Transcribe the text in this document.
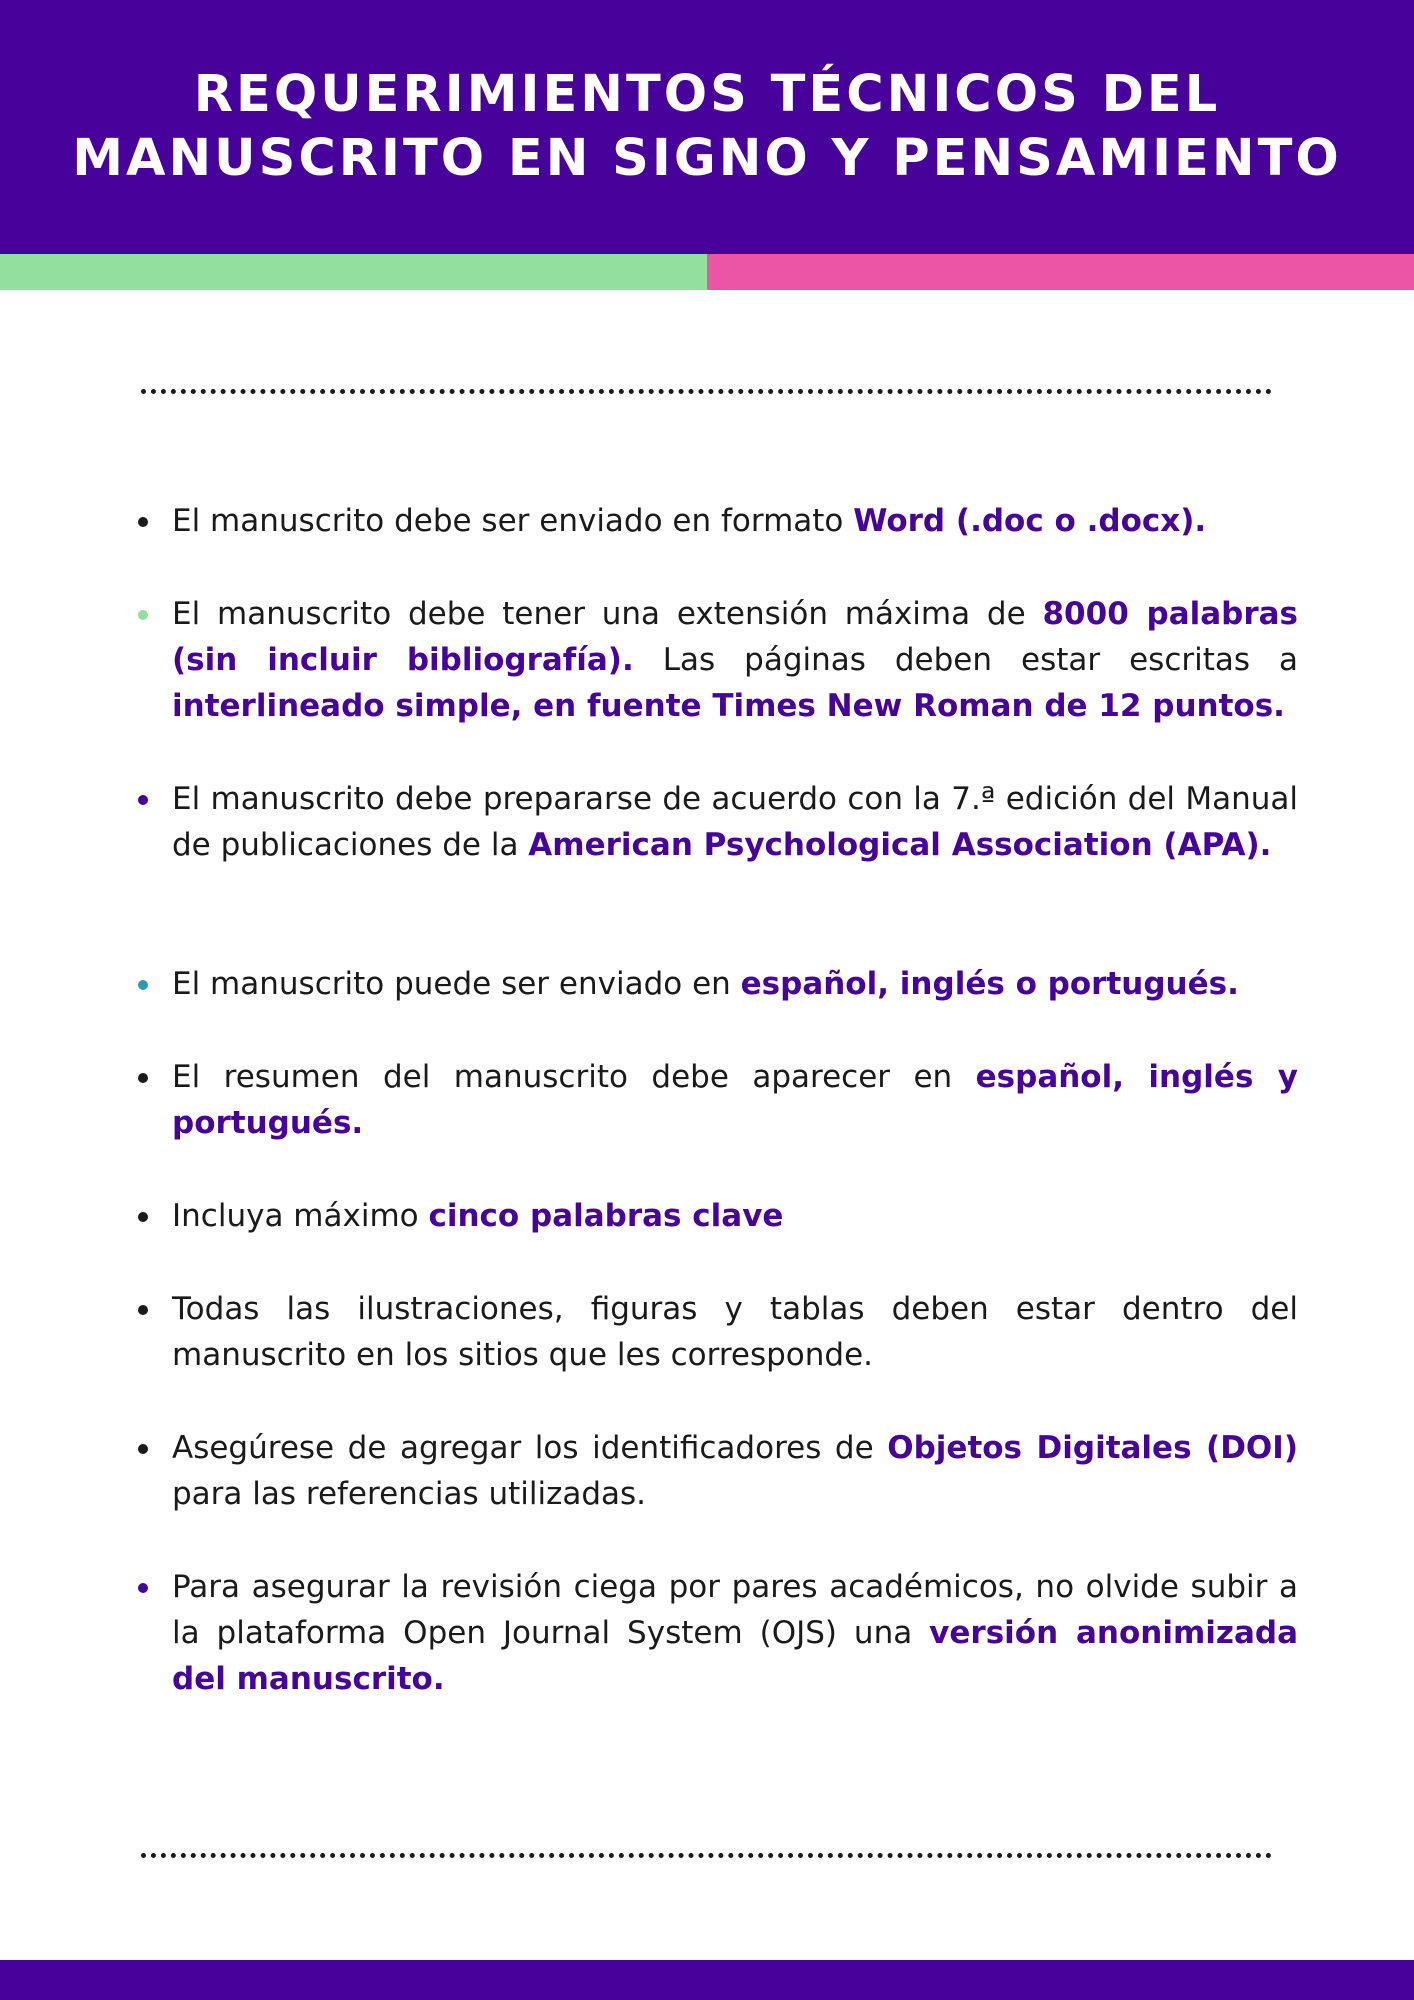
REQUERIMIENTOS TÉCNICOS DEL
MANUSCRITO EN SIGNO Y PENSAMIENTO
El manuscrito debe ser enviado en formato Word (.doc o .docx).
El manuscrito debe tener una extensión máxima de 8000 palabras (sin incluir bibliografía). Las páginas deben estar escritas a interlineado simple, en fuente Times New Roman de 12 puntos.
El manuscrito debe prepararse de acuerdo con la 7.ª edición del Manual de publicaciones de la American Psychological Association (APA).
El manuscrito puede ser enviado en español, inglés o portugués.
El resumen del manuscrito debe aparecer en español, inglés y portugués.
Incluya máximo cinco palabras clave
Todas las ilustraciones, figuras y tablas deben estar dentro del manuscrito en los sitios que les corresponde.
Asegúrese de agregar los identificadores de Objetos Digitales (DOI) para las referencias utilizadas.
Para asegurar la revisión ciega por pares académicos, no olvide subir a la plataforma Open Journal System (OJS) una versión anonimizada del manuscrito.
